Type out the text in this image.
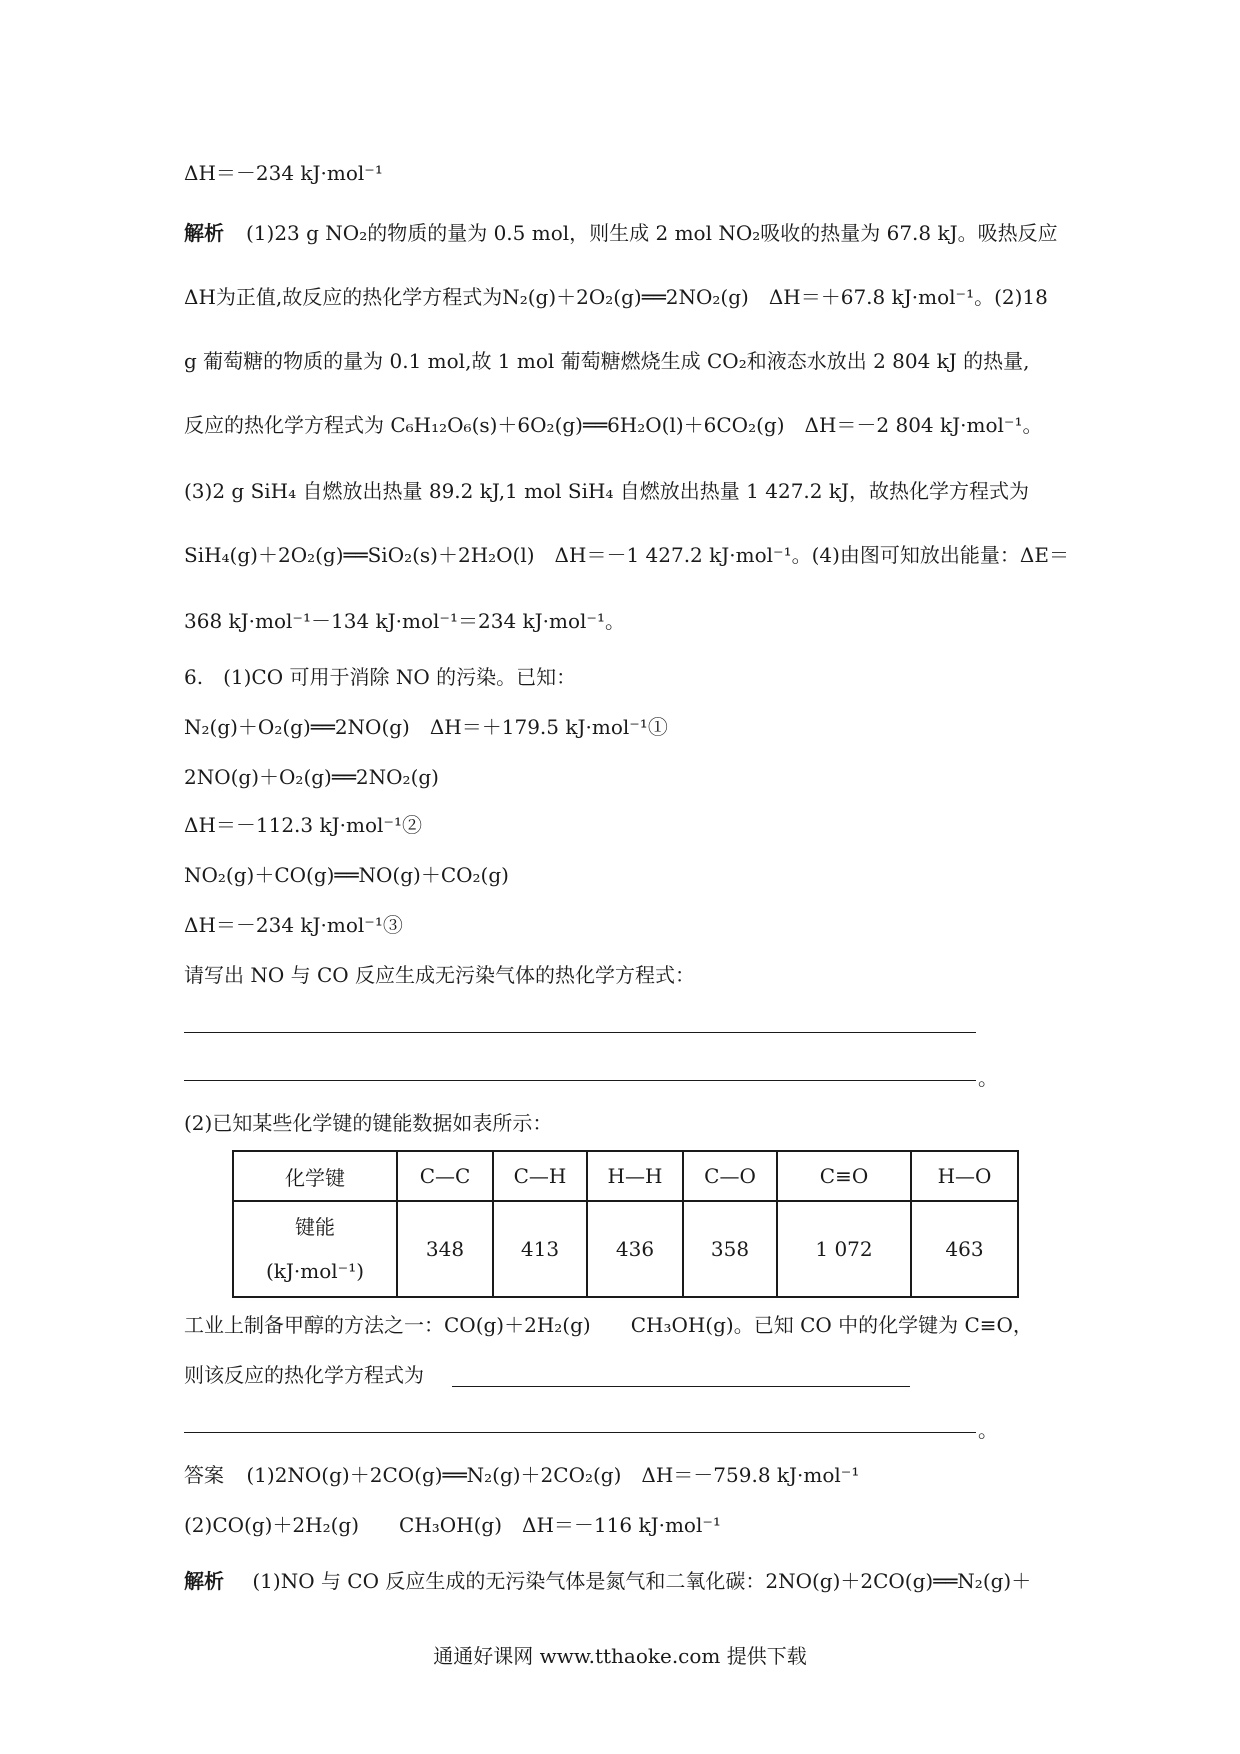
ΔH＝－234 kJ·mol⁻¹
解析 (1)23 g NO₂的物质的量为 0.5 mol，则生成 2 mol NO₂吸收的热量为 67.8 kJ。吸热反应
ΔH为正值,故反应的热化学方程式为N₂(g)＋2O₂(g)══2NO₂(g)　ΔH＝＋67.8 kJ·mol⁻¹。(2)18
g 葡萄糖的物质的量为 0.1 mol,故 1 mol 葡萄糖燃烧生成 CO₂和液态水放出 2 804 kJ 的热量,
反应的热化学方程式为 C₆H₁₂O₆(s)＋6O₂(g)══6H₂O(l)＋6CO₂(g)　ΔH＝－2 804 kJ·mol⁻¹。
(3)2 g SiH₄ 自燃放出热量 89.2 kJ,1 mol SiH₄ 自燃放出热量 1 427.2 kJ，故热化学方程式为
SiH₄(g)＋2O₂(g)══SiO₂(s)＋2H₂O(l)　ΔH＝－1 427.2 kJ·mol⁻¹。(4)由图可知放出能量：ΔE＝
368 kJ·mol⁻¹－134 kJ·mol⁻¹＝234 kJ·mol⁻¹。
6.　(1)CO 可用于消除 NO 的污染。已知：
N₂(g)＋O₂(g)══2NO(g)　ΔH＝＋179.5 kJ·mol⁻¹①
2NO(g)＋O₂(g)══2NO₂(g)
ΔH＝－112.3 kJ·mol⁻¹②
NO₂(g)＋CO(g)══NO(g)＋CO₂(g)
ΔH＝－234 kJ·mol⁻¹③
请写出 NO 与 CO 反应生成无污染气体的热化学方程式：
。
(2)已知某些化学键的键能数据如表所示：
化学键	C—C	C—H	H—H	C—O	C≡O	H—O

键能
(kJ·mol⁻¹)	348	413	436	358	1 072	463
工业上制备甲醇的方法之一：CO(g)＋2H₂(g)　　CH₃OH(g)。已知 CO 中的化学键为 C≡O，
则该反应的热化学方程式为
。
答案 (1)2NO(g)＋2CO(g)══N₂(g)＋2CO₂(g)　ΔH＝－759.8 kJ·mol⁻¹
(2)CO(g)＋2H₂(g)　　CH₃OH(g)　ΔH＝－116 kJ·mol⁻¹
解析 (1)NO 与 CO 反应生成的无污染气体是氮气和二氧化碳：2NO(g)＋2CO(g)══N₂(g)＋
通通好课网 www.tthaoke.com 提供下载
